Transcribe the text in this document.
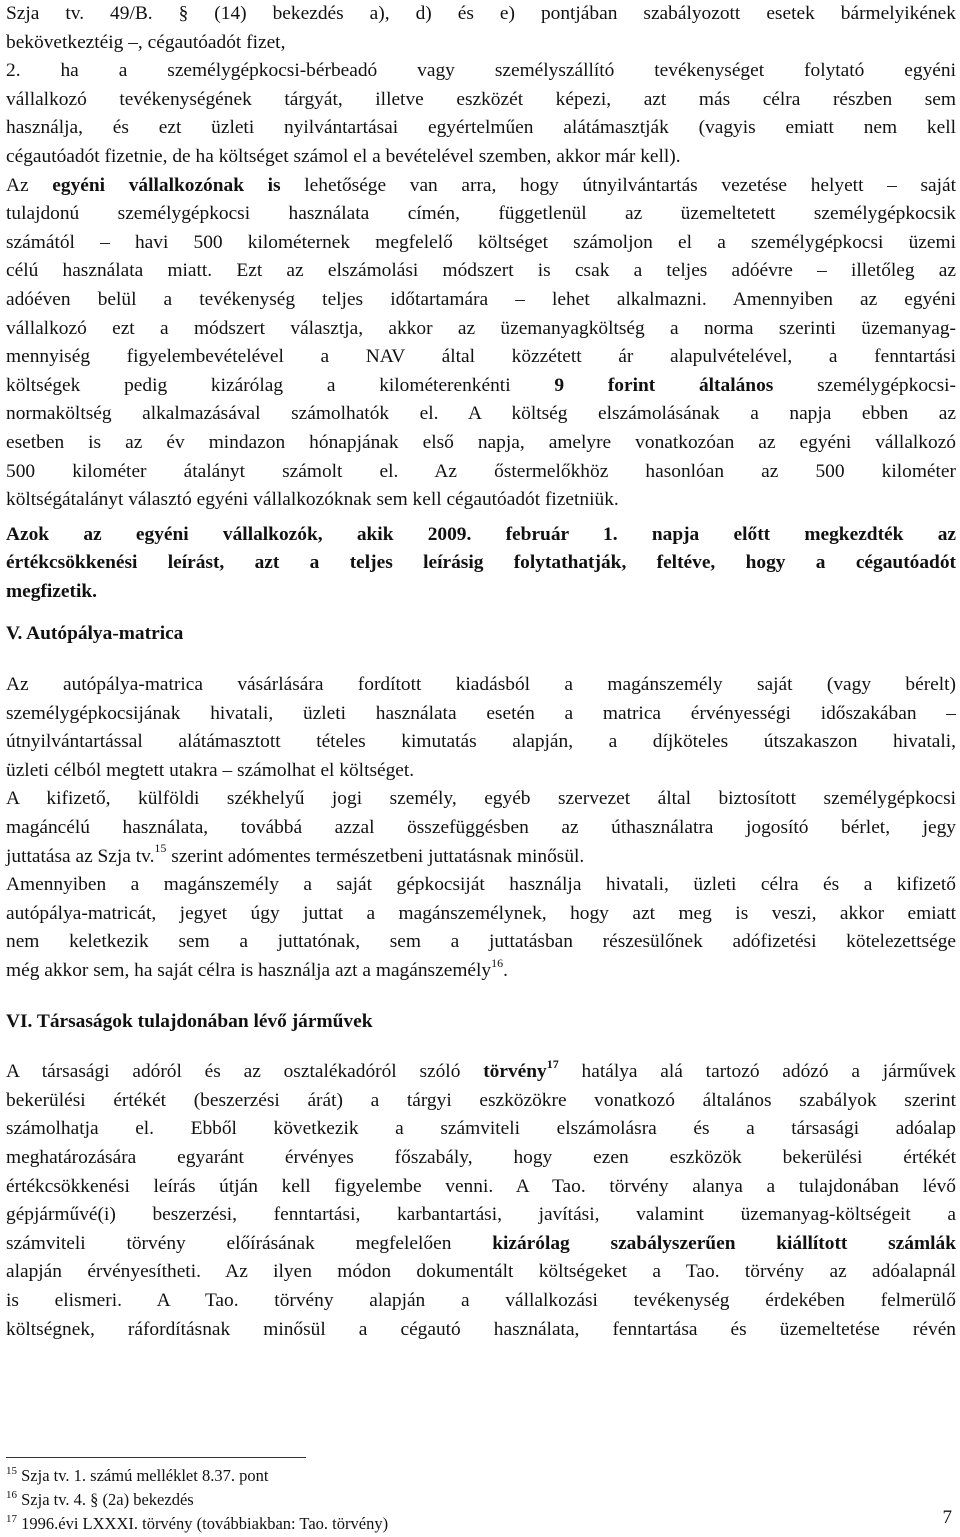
Szja tv. 49/B. § (14) bekezdés a), d) és e) pontjában szabályozott esetek bármelyikének
bekövetkeztéig –, cégautóadót fizet,
2. ha a személygépkocsi-bérbeadó vagy személyszállító tevékenységet folytató egyéni
vállalkozó tevékenységének tárgyát, illetve eszközét képezi, azt más célra részben sem
használja, és ezt üzleti nyilvántartásai egyértelműen alátámasztják (vagyis emiatt nem kell
cégautóadót fizetnie, de ha költséget számol el a bevételével szemben, akkor már kell).
Az egyéni vállalkozónak is lehetősége van arra, hogy útnyilvántartás vezetése helyett – saját
tulajdonú személygépkocsi használata címén, függetlenül az üzemeltetett személygépkocsik
számától – havi 500 kilométernek megfelelő költséget számoljon el a személygépkocsi üzemi
célú használata miatt. Ezt az elszámolási módszert is csak a teljes adóévre – illetőleg az
adóéven belül a tevékenység teljes időtartamára – lehet alkalmazni. Amennyiben az egyéni
vállalkozó ezt a módszert választja, akkor az üzemanyagköltség a norma szerinti üzemanyag-
mennyiség figyelembevételével a NAV által közzétett ár alapulvételével, a fenntartási
költségek pedig kizárólag a kilométerenkénti 9 forint általános személygépkocsi-
normaköltség alkalmazásával számolhatók el. A költség elszámolásának a napja ebben az
esetben is az év mindazon hónapjának első napja, amelyre vonatkozóan az egyéni vállalkozó
500 kilométer átalányt számolt el. Az őstermelőkhöz hasonlóan az 500 kilométer
költségátalányt választó egyéni vállalkozóknak sem kell cégautóadót fizetniük.
Azok az egyéni vállalkozók, akik 2009. február 1. napja előtt megkezdték az
értékcsökkenési leírást, azt a teljes leírásig folytathatják, feltéve, hogy a cégautóadót
megfizetik.
V. Autópálya-matrica
Az autópálya-matrica vásárlására fordított kiadásból a magánszemély saját (vagy bérelt)
személygépkocsijának hivatali, üzleti használata esetén a matrica érvényességi időszakában –
útnyilvántartással alátámasztott tételes kimutatás alapján, a díjköteles útszakaszon hivatali,
üzleti célból megtett utakra – számolhat el költséget.
A kifizető, külföldi székhelyű jogi személy, egyéb szervezet által biztosított személygépkocsi
magáncélú használata, továbbá azzal összefüggésben az úthasználatra jogosító bérlet, jegy
juttatása az Szja tv.$^{15}$ szerint adómentes természetbeni juttatásnak minősül.
Amennyiben a magánszemély a saját gépkocsiját használja hivatali, üzleti célra és a kifizető
autópálya-matricát, jegyet úgy juttat a magánszemélynek, hogy azt meg is veszi, akkor emiatt
nem keletkezik sem a juttatónak, sem a juttatásban részesülőnek adófizetési kötelezettsége
még akkor sem, ha saját célra is használja azt a magánszemély$^{16}$.
VI. Társaságok tulajdonában lévő járművek
A társasági adóról és az osztalékadóról szóló törvény$^{17}$ hatálya alá tartozó adózó a járművek
bekerülési értékét (beszerzési árát) a tárgyi eszközökre vonatkozó általános szabályok szerint
számolhatja el. Ebből következik a számviteli elszámolásra és a társasági adóalap
meghatározására egyaránt érvényes főszabály, hogy ezen eszközök bekerülési értékét
értékcsökkenési leírás útján kell figyelembe venni. A Tao. törvény alanya a tulajdonában lévő
gépjárművé(i) beszerzési, fenntartási, karbantartási, javítási, valamint üzemanyag-költségeit a
számviteli törvény előírásának megfelelően kizárólag szabályszerűen kiállított számlák
alapján érvényesítheti. Az ilyen módon dokumentált költségeket a Tao. törvény az adóalapnál
is elismeri. A Tao. törvény alapján a vállalkozási tevékenység érdekében felmerülő
költségnek, ráfordításnak minősül a cégautó használata, fenntartása és üzemeltetése révén
$^{15}$ Szja tv. 1. számú melléklet 8.37. pont
$^{16}$ Szja tv. 4. § (2a) bekezdés
$^{17}$ 1996.évi LXXXI. törvény (továbbiakban: Tao. törvény)	7
